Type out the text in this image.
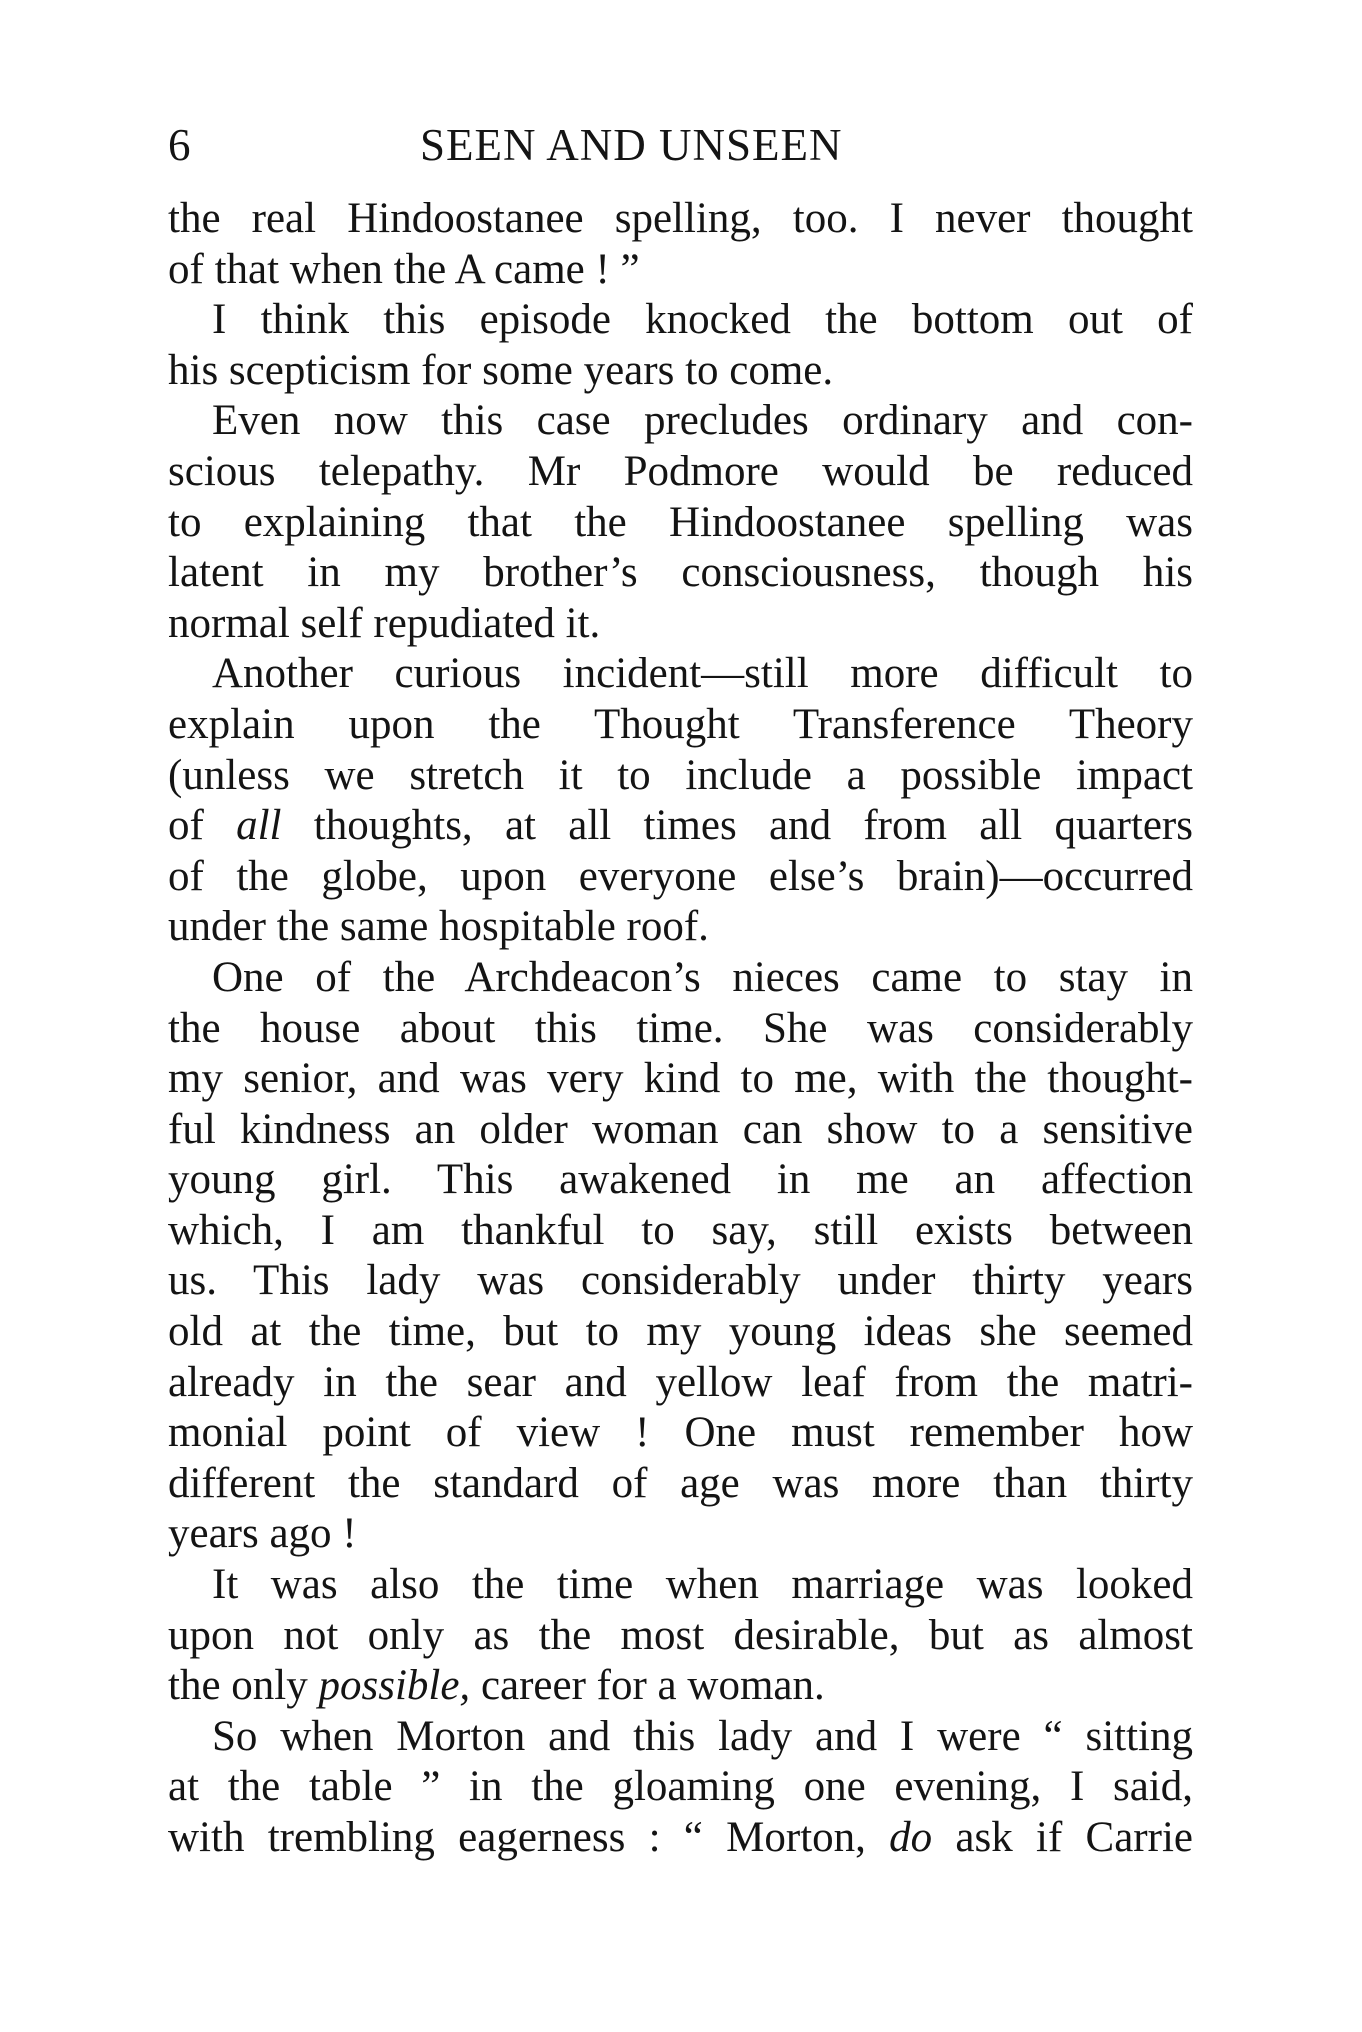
6	SEEN AND UNSEEN
the real Hindoostanee spelling, too. I never thought
of that when the A came ! ”
I think this episode knocked the bottom out of
his scepticism for some years to come.
Even now this case precludes ordinary and con-
scious telepathy. Mr Podmore would be reduced
to explaining that the Hindoostanee spelling was
latent in my brother’s consciousness, though his
normal self repudiated it.
Another curious incident—still more difficult to
explain upon the Thought Transference Theory
(unless we stretch it to include a possible impact
of all thoughts, at all times and from all quarters
of the globe, upon everyone else’s brain)—occurred
under the same hospitable roof.
One of the Archdeacon’s nieces came to stay in
the house about this time. She was considerably
my senior, and was very kind to me, with the thought-
ful kindness an older woman can show to a sensitive
young girl. This awakened in me an affection
which, I am thankful to say, still exists between
us. This lady was considerably under thirty years
old at the time, but to my young ideas she seemed
already in the sear and yellow leaf from the matri-
monial point of view ! One must remember how
different the standard of age was more than thirty
years ago !
It was also the time when marriage was looked
upon not only as the most desirable, but as almost
the only possible, career for a woman.
So when Morton and this lady and I were “ sitting
at the table ” in the gloaming one evening, I said,
with trembling eagerness : “ Morton, do ask if Carrie
